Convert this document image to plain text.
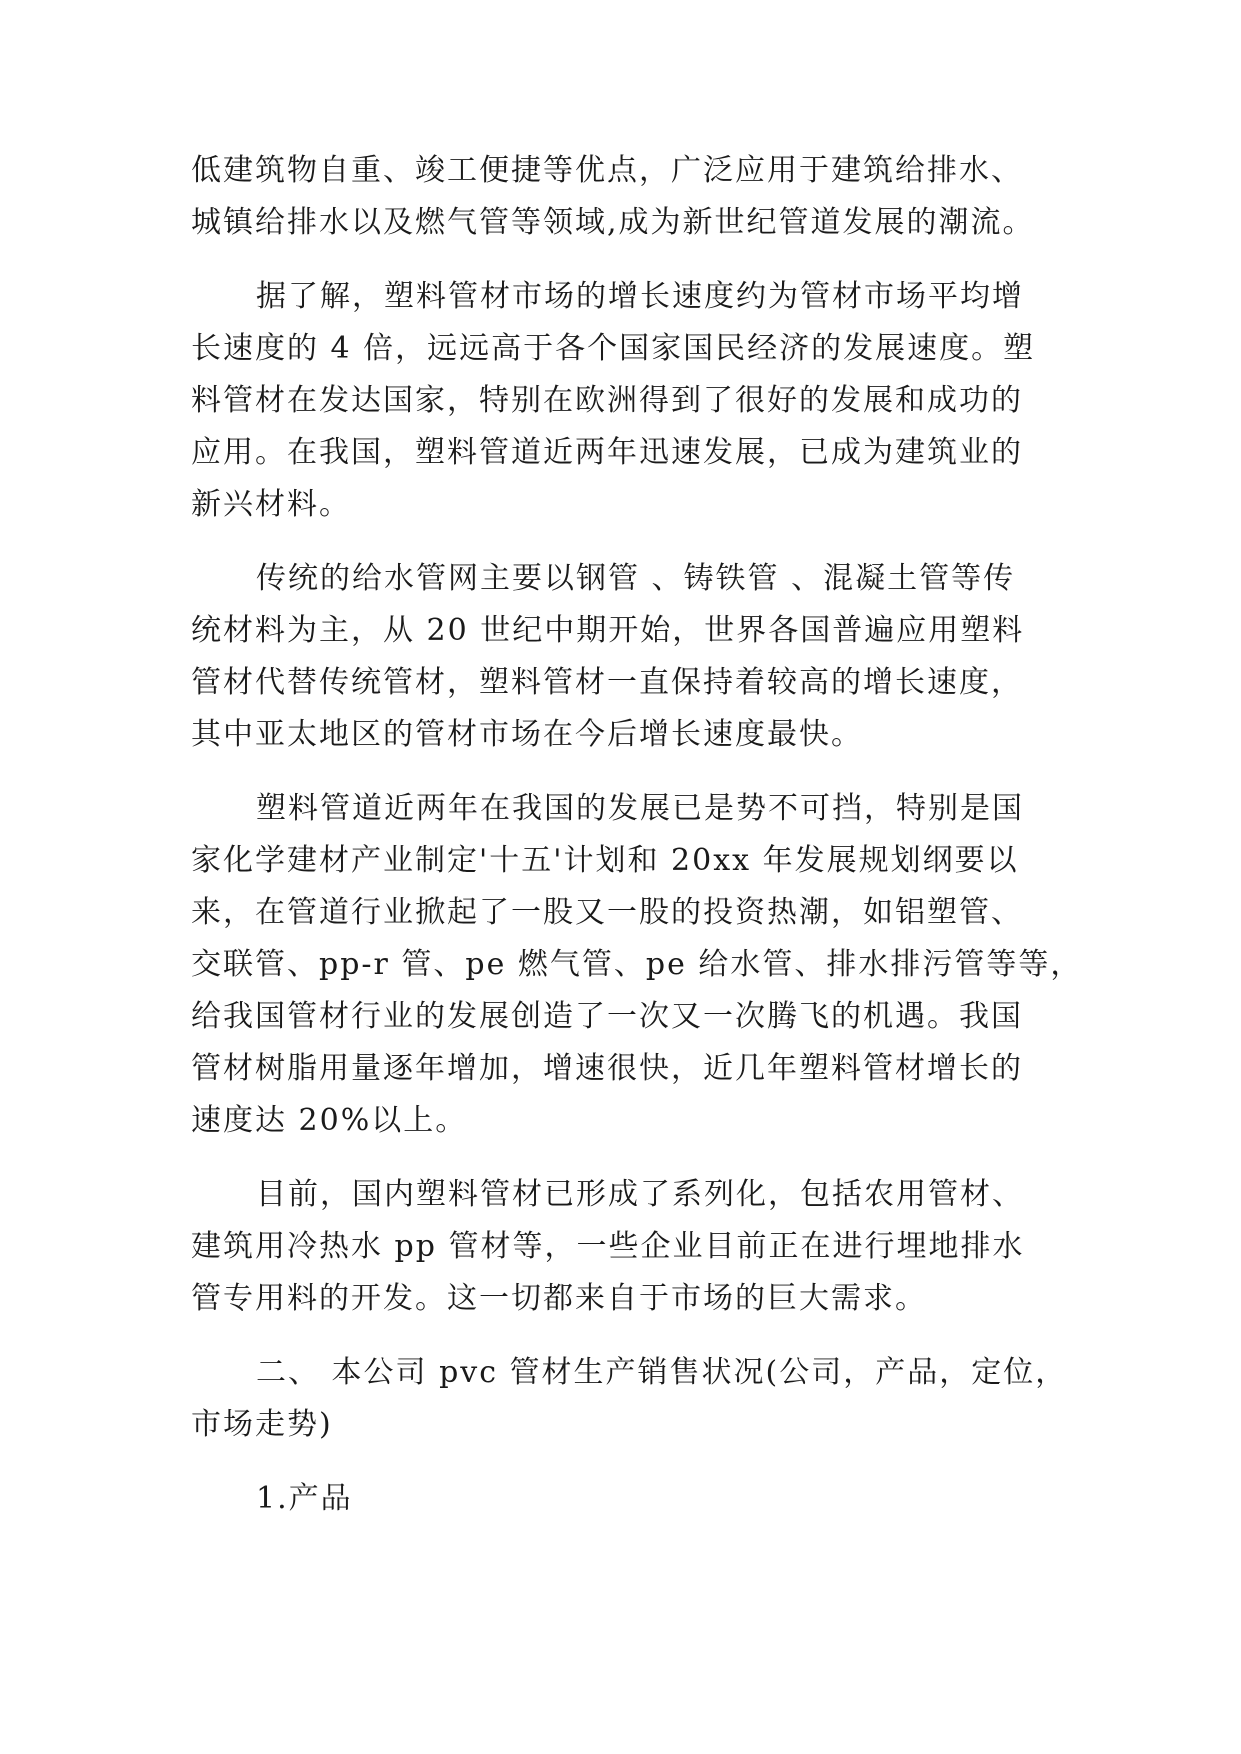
低建筑物自重、竣工便捷等优点，广泛应用于建筑给排水、
城镇给排水以及燃气管等领域,成为新世纪管道发展的潮流。
据了解，塑料管材市场的增长速度约为管材市场平均增
长速度的 4 倍，远远高于各个国家国民经济的发展速度。塑
料管材在发达国家，特别在欧洲得到了很好的发展和成功的
应用。在我国，塑料管道近两年迅速发展，已成为建筑业的
新兴材料。
传统的给水管网主要以钢管 、铸铁管 、混凝土管等传
统材料为主，从 20 世纪中期开始，世界各国普遍应用塑料
管材代替传统管材，塑料管材一直保持着较高的增长速度，
其中亚太地区的管材市场在今后增长速度最快。
塑料管道近两年在我国的发展已是势不可挡，特别是国
家化学建材产业制定'十五'计划和 20xx 年发展规划纲要以
来，在管道行业掀起了一股又一股的投资热潮，如铝塑管、
交联管、pp-r 管、pe 燃气管、pe 给水管、排水排污管等等，
给我国管材行业的发展创造了一次又一次腾飞的机遇。我国
管材树脂用量逐年增加，增速很快，近几年塑料管材增长的
速度达 20%以上。
目前，国内塑料管材已形成了系列化，包括农用管材、
建筑用冷热水 pp 管材等，一些企业目前正在进行埋地排水
管专用料的开发。这一切都来自于市场的巨大需求。
二、 本公司 pvc 管材生产销售状况(公司，产品，定位，
市场走势)
1.产品
